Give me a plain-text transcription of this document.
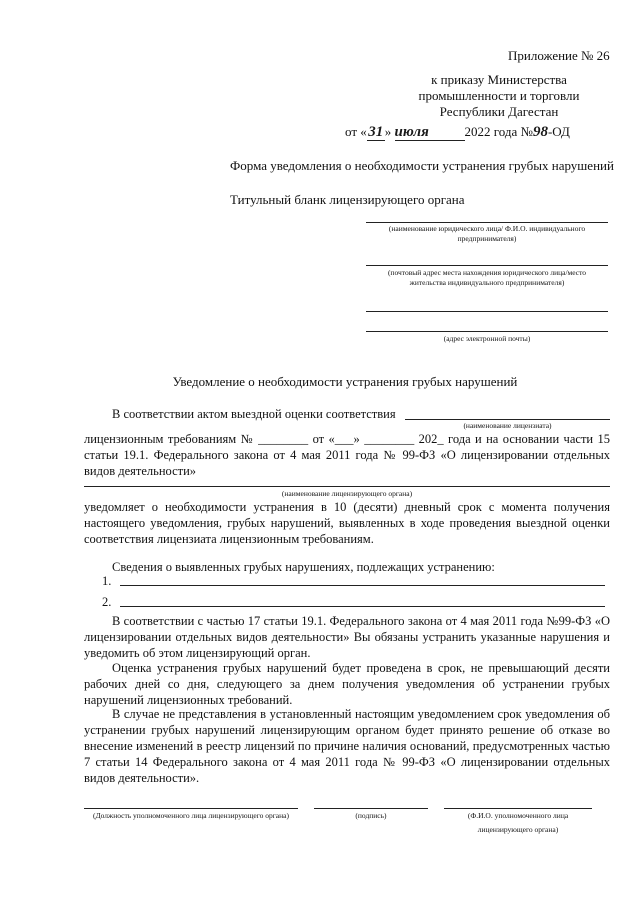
Приложение № 26
к приказу Министерства
промышленности и торговли
Республики Дагестан
от « 31 » июля	2022 года №98-ОД
Форма уведомления о необходимости устранения грубых нарушений
Титульный бланк лицензирующего органа
(наименование юридического лица/ Ф.И.О. индивидуального
предпринимателя)
(почтовый адрес места нахождения юридического лица/место
жительства индивидуального предпринимателя)
(адрес электронной почты)
Уведомление о необходимости устранения грубых нарушений
В соответствии актом выездной оценки соответствия
(наименование лицензиата)
лицензионным требованиям № ________ от «___» ________ 202_ года и на основании части 15 статьи 19.1. Федерального закона от 4 мая 2011 года № 99-ФЗ «О лицензировании отдельных видов деятельности»
(наименование лицензирующего органа)
уведомляет о необходимости устранения в 10 (десяти) дневный срок с момента получения настоящего уведомления, грубых нарушений, выявленных в ходе проведения выездной оценки соответствия лицензиата лицензионным требованиям.
Сведения о выявленных грубых нарушениях, подлежащих устранению:
1.
2.
В соответствии с частью 17 статьи 19.1. Федерального закона от 4 мая 2011 года №99-ФЗ «О лицензировании отдельных видов деятельности» Вы обязаны устранить указанные нарушения и уведомить об этом лицензирующий орган.
Оценка устранения грубых нарушений будет проведена в срок, не превышающий десяти рабочих дней со дня, следующего за днем получения уведомления об устранении грубых нарушений лицензионных требований.
В случае не представления в установленный настоящим уведомлением срок уведомления об устранении грубых нарушений лицензирующим органом будет принято решение об отказе во внесение изменений в реестр лицензий по причине наличия оснований, предусмотренных частью 7 статьи 14 Федерального закона от 4 мая 2011 года № 99-ФЗ «О лицензировании отдельных видов деятельности».
(Должность уполномоченного лица лицензирующего органа)	(подпись)	(Ф.И.О. уполномоченного лица
лицензирующего органа)
